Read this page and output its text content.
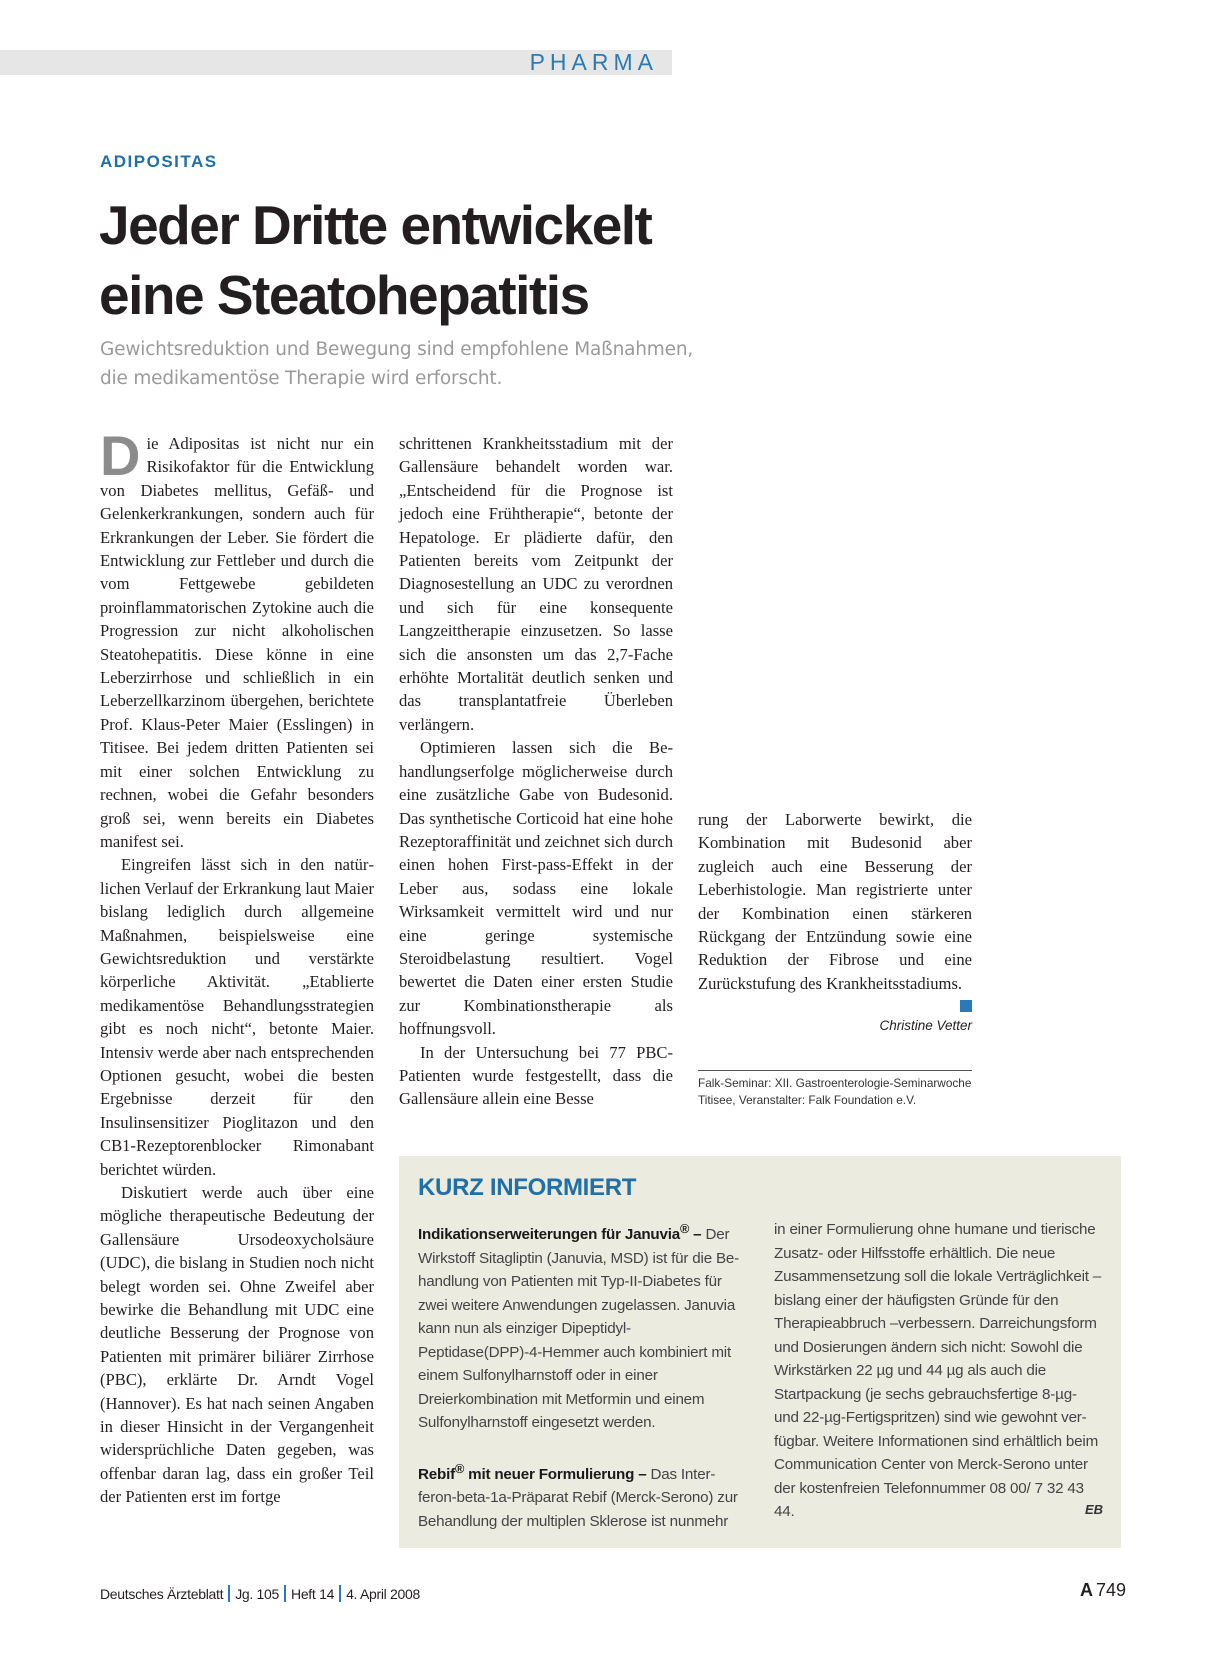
PHARMA
ADIPOSITAS
Jeder Dritte entwickelt eine Steatohepatitis

Gewichtsreduktion und Bewegung sind empfohlene Maßnahmen, die medikamentöse Therapie wird erforscht.

Die Adipositas ist nicht nur ein Risikofaktor für die Entwicklung von Diabetes mellitus, Gefäß- und Gelenkerkrankungen, sondern auch für Erkrankungen der Leber. Sie fördert die Entwicklung zur Fettleber und durch die vom Fettgewebe gebildeten proinflammatorischen Zytokine auch die Progression zur nicht alkoholischen Steatohepatitis. Diese könne in eine Leberzirrhose und schließlich in ein Leberzellkarzinom übergehen, berichtete Prof. Klaus-Peter Maier (Esslingen) in Titisee. Bei jedem dritten Patienten sei mit einer solchen Entwicklung zu rechnen, wobei die Gefahr besonders groß sei, wenn bereits ein Diabetes manifest sei.

Eingreifen lässt sich in den natürlichen Verlauf der Erkrankung laut Maier bislang lediglich durch allgemeine Maßnahmen, beispielsweise eine Gewichtsreduktion und verstärkte körperliche Aktivität. „Etablierte medikamentöse Behandlungsstrategien gibt es noch nicht“, betonte Maier. Intensiv werde aber nach entsprechenden Optionen gesucht, wobei die besten Ergebnisse derzeit für den Insulinsensitizer Pioglitazon und den CB1-Rezeptorenblocker Rimonabant berichtet würden.

Diskutiert werde auch über eine mögliche therapeutische Bedeutung der Gallensäure Ursodeoxycholsäure (UDC), die bislang in Studien noch nicht belegt worden sei. Ohne Zweifel aber bewirke die Behandlung mit UDC eine deutliche Besserung der Prognose von Patienten mit primärer biliärer Zirrhose (PBC), erklärte Dr. Arndt Vogel (Hannover). Es hat nach seinen Angaben in dieser Hinsicht in der Vergangenheit widersprüchliche Daten gegeben, was offenbar daran lag, dass ein großer Teil der Patienten erst im fortge

schrittenen Krankheitsstadium mit der Gallensäure behandelt worden war. „Entscheidend für die Prognose ist jedoch eine Frühtherapie“, betonte der Hepatologe. Er plädierte dafür, den Patienten bereits vom Zeitpunkt der Diagnosestellung an UDC zu verordnen und sich für eine konsequente Langzeittherapie einzusetzen. So lasse sich die ansonsten um das 2,7-Fache erhöhte Mortalität deutlich senken und das transplantatfreie Überleben verlängern.

Optimieren lassen sich die Behandlungserfolge möglicherweise durch eine zusätzliche Gabe von Budesonid. Das synthetische Corticoid hat eine hohe Rezeptoraffinität und zeichnet sich durch einen hohen First-pass-Effekt in der Leber aus, sodass eine lokale Wirksamkeit vermittelt wird und nur eine geringe systemische Steroidbelastung resultiert. Vogel bewertet die Daten einer ersten Studie zur Kombinationstherapie als hoffnungsvoll.

In der Untersuchung bei 77 PBC-Patienten wurde festgestellt, dass die Gallensäure allein eine Besse

rung der Laborwerte bewirkt, die Kombination mit Budesonid aber zugleich auch eine Besserung der Leberhistologie. Man registrierte unter der Kombination einen stärkeren Rückgang der Entzündung sowie eine Reduktion der Fibrose und eine Zurückstufung des Krankheitsstadiums.

Christine Vetter

Falk-Seminar: XII. Gastroenterologie-Seminarwoche Titisee, Veranstalter: Falk Foundation e.V.

KURZ INFORMIERT

Indikationserweiterungen für Januvia® – Der Wirkstoff Sitagliptin (Januvia, MSD) ist für die Behandlung von Patienten mit Typ-II-Diabetes für zwei weitere Anwendungen zugelassen. Januvia kann nun als einziger Dipeptidyl-Peptidase(DPP)-4-Hemmer auch kombiniert mit einem Sulfonylharnstoff oder in einer Dreierkombination mit Metformin und einem Sulfonylharnstoff eingesetzt werden.

Rebif® mit neuer Formulierung – Das Interferon-beta-1a-Präparat Rebif (Merck-Serono) zur Behandlung der multiplen Sklerose ist nunmehr

in einer Formulierung ohne humane und tierische Zusatz- oder Hilfsstoffe erhältlich. Die neue Zusammensetzung soll die lokale Verträglichkeit – bislang einer der häufigsten Gründe für den Therapieabbruch –verbessern. Darreichungsform und Dosierungen ändern sich nicht: Sowohl die Wirkstärken 22 µg und 44 µg als auch die Startpackung (je sechs gebrauchsfertige 8-µg- und 22-µg-Fertigspritzen) sind wie gewohnt verfügbar. Weitere Informationen sind erhältlich beim Communication Center von Merck-Serono unter der kostenfreien Telefonnummer 08 00/ 7 32 43 44.	EB
Deutsches Ärzteblatt Jg. 105 Heft 14 4. April 2008	A 749
